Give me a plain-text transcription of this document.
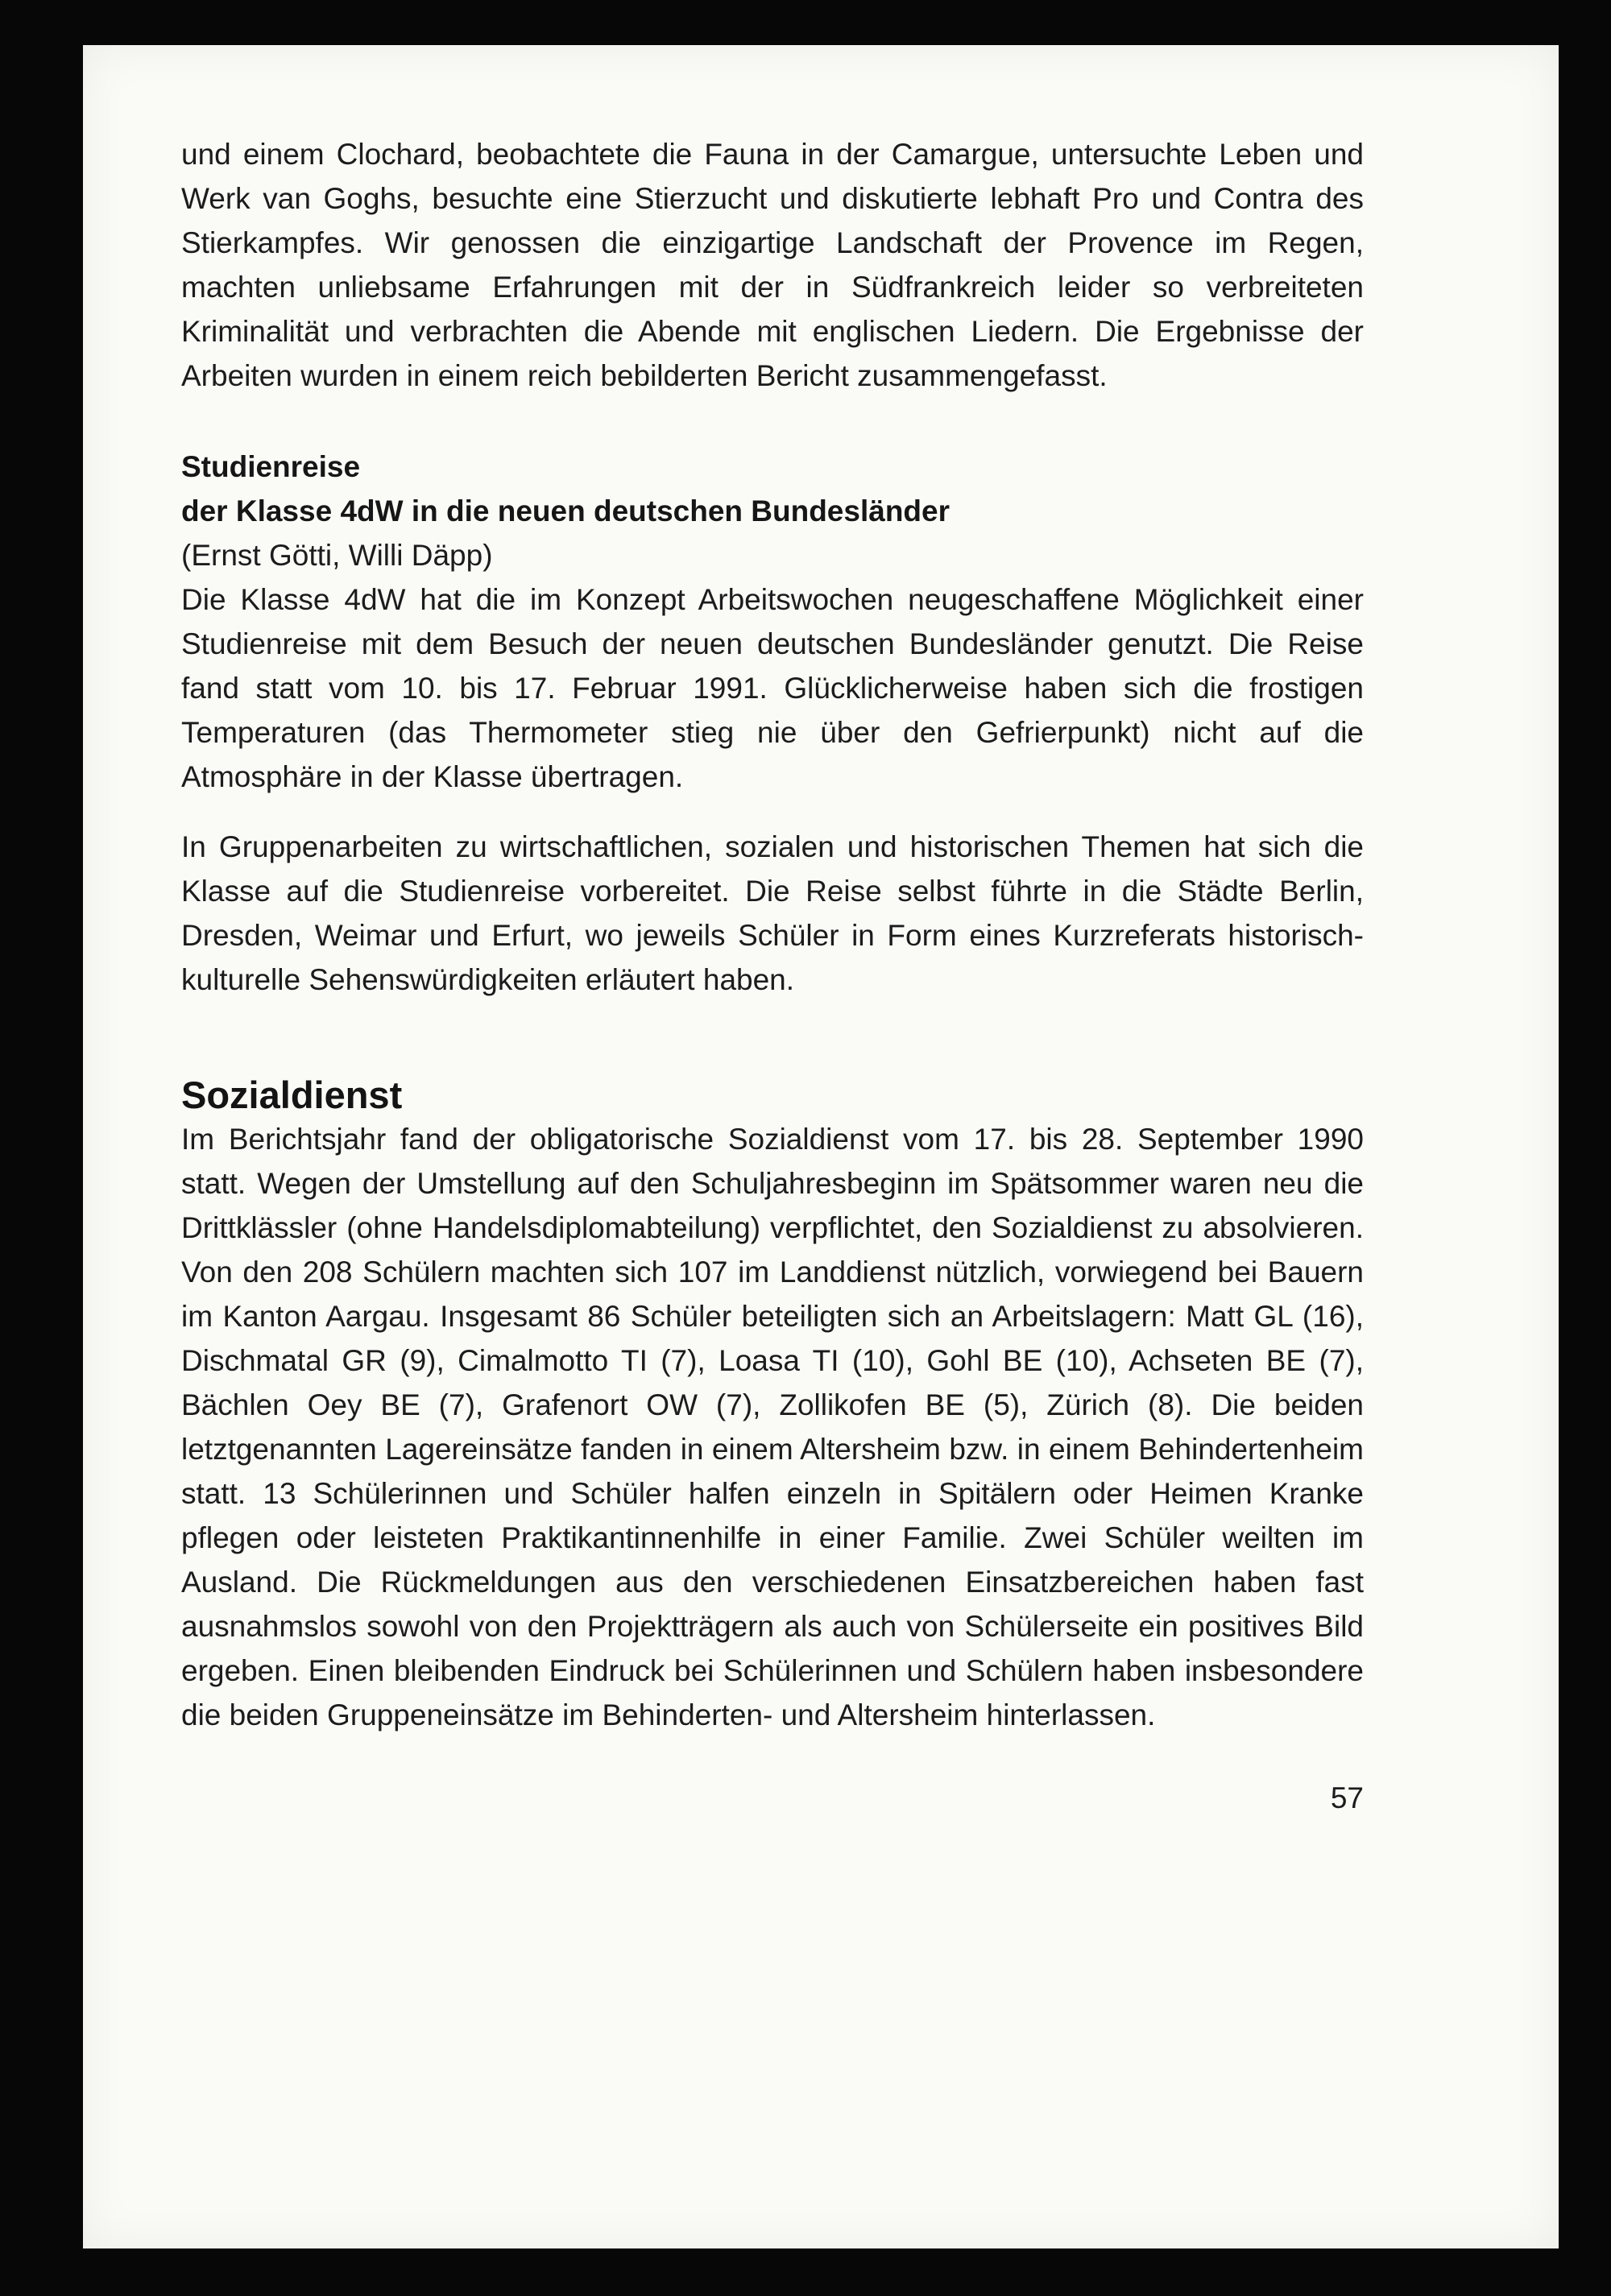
und einem Clochard, beobachtete die Fauna in der Camargue, untersuchte Leben und Werk van Goghs, besuchte eine Stierzucht und diskutierte lebhaft Pro und Contra des Stierkampfes. Wir genossen die einzigartige Landschaft der Provence im Regen, machten unliebsame Erfahrungen mit der in Südfrankreich leider so verbreiteten Kriminalität und verbrachten die Abende mit englischen Liedern. Die Ergebnisse der Arbeiten wurden in einem reich bebilderten Bericht zusammengefasst.

Studienreise
der Klasse 4dW in die neuen deutschen Bundesländer

(Ernst Götti, Willi Däpp)

Die Klasse 4dW hat die im Konzept Arbeitswochen neugeschaffene Möglichkeit einer Studienreise mit dem Besuch der neuen deutschen Bundesländer genutzt. Die Reise fand statt vom 10. bis 17. Februar 1991. Glücklicherweise haben sich die frostigen Temperaturen (das Thermometer stieg nie über den Gefrierpunkt) nicht auf die Atmosphäre in der Klasse übertragen.

In Gruppenarbeiten zu wirtschaftlichen, sozialen und historischen Themen hat sich die Klasse auf die Studienreise vorbereitet. Die Reise selbst führte in die Städte Berlin, Dresden, Weimar und Erfurt, wo jeweils Schüler in Form eines Kurzreferats historisch-kulturelle Sehenswürdigkeiten erläutert haben.

Sozialdienst

Im Berichtsjahr fand der obligatorische Sozialdienst vom 17. bis 28. September 1990 statt. Wegen der Umstellung auf den Schuljahresbeginn im Spätsommer waren neu die Drittklässler (ohne Handelsdiplomabteilung) verpflichtet, den Sozialdienst zu absolvieren. Von den 208 Schülern machten sich 107 im Landdienst nützlich, vorwiegend bei Bauern im Kanton Aargau. Insgesamt 86 Schüler beteiligten sich an Arbeitslagern: Matt GL (16), Dischmatal GR (9), Cimalmotto TI (7), Loasa TI (10), Gohl BE (10), Achseten BE (7), Bächlen Oey BE (7), Grafenort OW (7), Zollikofen BE (5), Zürich (8). Die beiden letztgenannten Lagereinsätze fanden in einem Altersheim bzw. in einem Behindertenheim statt. 13 Schülerinnen und Schüler halfen einzeln in Spitälern oder Heimen Kranke pflegen oder leisteten Praktikantinnenhilfe in einer Familie. Zwei Schüler weilten im Ausland. Die Rückmeldungen aus den verschiedenen Einsatzbereichen haben fast ausnahmslos sowohl von den Projektträgern als auch von Schülerseite ein positives Bild ergeben. Einen bleibenden Eindruck bei Schülerinnen und Schülern haben insbesondere die beiden Gruppeneinsätze im Behinderten- und Altersheim hinterlassen.

57
